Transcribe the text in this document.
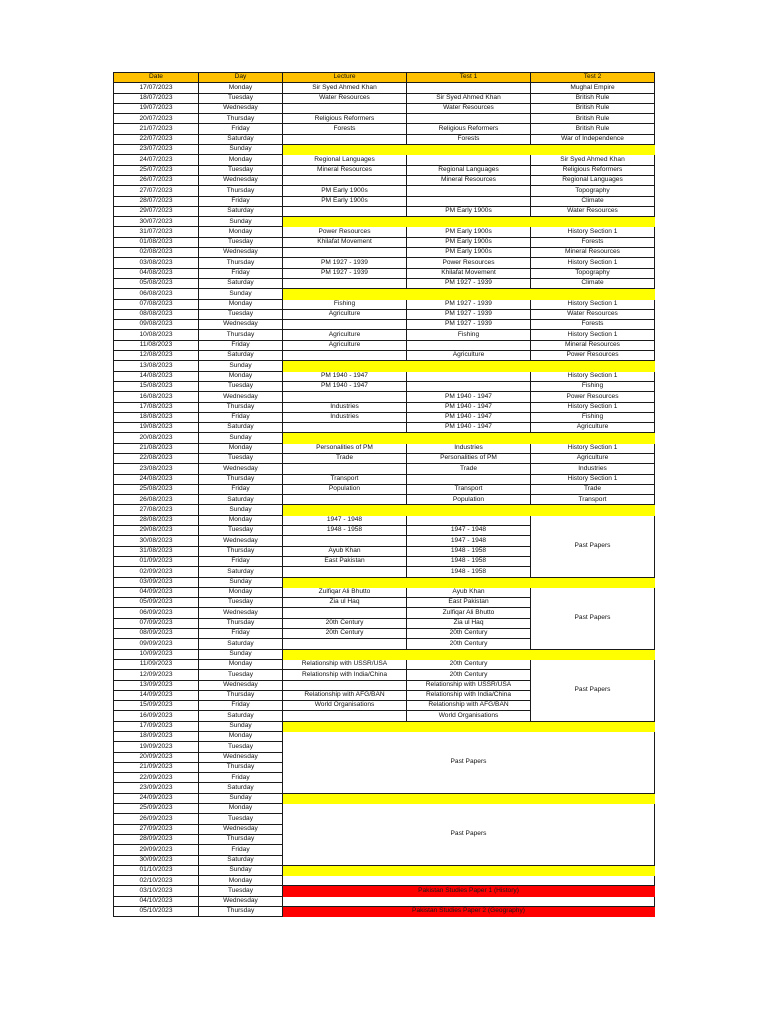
Date	Day	Lecture	Test 1	Test 2
17/07/2023	Monday	Sir Syed Ahmed Khan		Mughal Empire
18/07/2023	Tuesday	Water Resources	Sir Syed Ahmed Khan	British Rule
19/07/2023	Wednesday		Water Resources	British Rule
20/07/2023	Thursday	Religious Reformers		British Rule
21/07/2023	Friday	Forests	Religious Reformers	British Rule
22/07/2023	Saturday		Forests	War of Independence
23/07/2023	Sunday			
24/07/2023	Monday	Regional Languages		Sir Syed Ahmed Khan
25/07/2023	Tuesday	Mineral Resources	Regional Languages	Religious Reformers
26/07/2023	Wednesday		Mineral Resources	Regional Languages
27/07/2023	Thursday	PM Early 1900s		Topography
28/07/2023	Friday	PM Early 1900s		Climate
29/07/2023	Saturday		PM Early 1900s	Water Resources
30/07/2023	Sunday			
31/07/2023	Monday	Power Resources	PM Early 1900s	History Section 1
01/08/2023	Tuesday	Khilafat Movement	PM Early 1900s	Forests
02/08/2023	Wednesday		PM Early 1900s	Mineral Resources
03/08/2023	Thursday	PM 1927 - 1939	Power Resources	History Section 1
04/08/2023	Friday	PM 1927 - 1939	Khilafat Movement	Topography
05/08/2023	Saturday		PM 1927 - 1939	Climate
06/08/2023	Sunday			
07/08/2023	Monday	Fishing	PM 1927 - 1939	History Section 1
08/08/2023	Tuesday	Agriculture	PM 1927 - 1939	Water Resources
09/08/2023	Wednesday		PM 1927 - 1939	Forests
10/08/2023	Thursday	Agriculture	Fishing	History Section 1
11/08/2023	Friday	Agriculture		Mineral Resources
12/08/2023	Saturday		Agriculture	Power Resources
13/08/2023	Sunday			
14/08/2023	Monday	PM 1940 - 1947		History Section 1
15/08/2023	Tuesday	PM 1940 - 1947		Fishing
16/08/2023	Wednesday		PM 1940 - 1947	Power Resources
17/08/2023	Thursday	Industries	PM 1940 - 1947	History Section 1
18/08/2023	Friday	Industries	PM 1940 - 1947	Fishing
19/08/2023	Saturday		PM 1940 - 1947	Agriculture
20/08/2023	Sunday			
21/08/2023	Monday	Personalities of PM	Industries	History Section 1
22/08/2023	Tuesday	Trade	Personalities of PM	Agriculture
23/08/2023	Wednesday		Trade	Industries
24/08/2023	Thursday	Transport		History Section 1
25/08/2023	Friday	Population	Transport	Trade
26/08/2023	Saturday		Population	Transport
27/08/2023	Sunday			
28/08/2023	Monday	1947 - 1948		Past Papers
29/08/2023	Tuesday	1948 - 1958	1947 - 1948	
30/08/2023	Wednesday		1947 - 1948	
31/08/2023	Thursday	Ayub Khan	1948 - 1958	
01/09/2023	Friday	East Pakistan	1948 - 1958	
02/09/2023	Saturday		1948 - 1958	
03/09/2023	Sunday			
04/09/2023	Monday	Zulfiqar Ali Bhutto	Ayub Khan	Past Papers
05/09/2023	Tuesday	Zia ul Haq	East Pakistan	
06/09/2023	Wednesday		Zulfiqar Ali Bhutto	
07/09/2023	Thursday	20th Century	Zia ul Haq	
08/09/2023	Friday	20th Century	20th Century	
09/09/2023	Saturday		20th Century	
10/09/2023	Sunday			
11/09/2023	Monday	Relationship with USSR/USA	20th Century	Past Papers
12/09/2023	Tuesday	Relationship with India/China	20th Century	
13/09/2023	Wednesday		Relationship with USSR/USA	
14/09/2023	Thursday	Relationship with AFG/BAN	Relationship with India/China	
15/09/2023	Friday	World Organisations	Relationship with AFG/BAN	
16/09/2023	Saturday		World Organisations	
17/09/2023	Sunday			
18/09/2023	Monday	Past Papers		
19/09/2023	Tuesday			
20/09/2023	Wednesday			
21/09/2023	Thursday			
22/09/2023	Friday			
23/09/2023	Saturday			
24/09/2023	Sunday			
25/09/2023	Monday	Past Papers		
26/09/2023	Tuesday			
27/09/2023	Wednesday			
28/09/2023	Thursday			
29/09/2023	Friday			
30/09/2023	Saturday			
01/10/2023	Sunday			
02/10/2023	Monday			
03/10/2023	Tuesday	Pakistan Studies Paper 1 (History)		
04/10/2023	Wednesday			
05/10/2023	Thursday	Pakistan Studies Paper 2 (Geography)		
